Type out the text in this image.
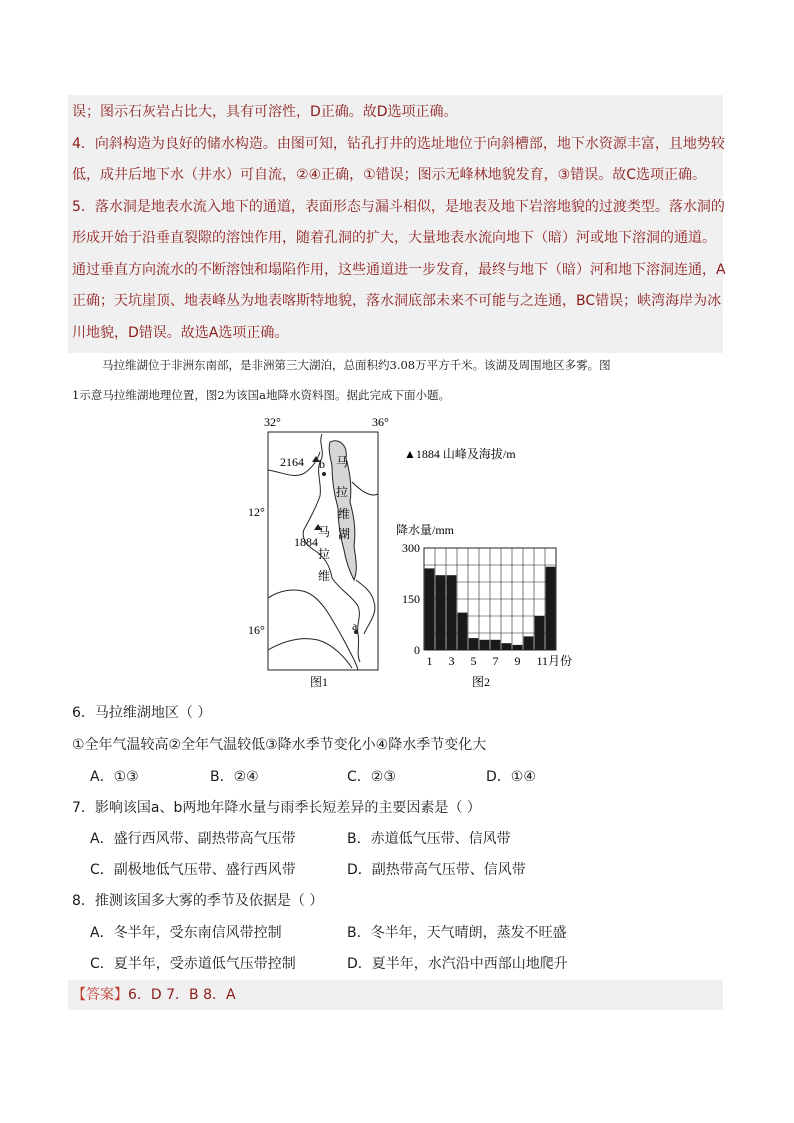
误；图示石灰岩占比大，具有可溶性，D正确。故D选项正确。

4．向斜构造为良好的储水构造。由图可知，钻孔打井的选址地位于向斜槽部，地下水资源丰富，且地势较

低，成井后地下水（井水）可自流，②④正确，①错误；图示无峰林地貌发育，③错误。故C选项正确。

5．落水洞是地表水流入地下的通道，表面形态与漏斗相似，是地表及地下岩溶地貌的过渡类型。落水洞的

形成开始于沿垂直裂隙的溶蚀作用，随着孔洞的扩大，大量地表水流向地下（暗）河或地下溶洞的通道。

通过垂直方向流水的不断溶蚀和塌陷作用，这些通道进一步发育，最终与地下（暗）河和地下溶洞连通，A

正确；天坑崖顶、地表峰丛为地表喀斯特地貌，落水洞底部未来不可能与之连通，BC错误；峡湾海岸为冰

川地貌，D错误。故选A选项正确。

马拉维湖位于非洲东南部，是非洲第三大湖泊，总面积约3.08万平方千米。该湖及周围地区多雾。图
1示意马拉维湖地理位置，图2为该国a地降水资料图。据此完成下面小题。
32°	36°
12°
16°
2164
1884
b
a
马
拉
维
湖
马
拉
维
图1
▲1884 山峰及海拔/m
降水量/mm
图2
300
150
0
1 3 5 7 9 11月份
6．马拉维湖地区（ ）
①全年气温较高②全年气温较低③降水季节变化小④降水季节变化大
A．①③	B．②④	C．②③	D．①④
7．影响该国a、b两地年降水量与雨季长短差异的主要因素是（ ）
A．盛行西风带、副热带高气压带	B．赤道低气压带、信风带
C．副极地低气压带、盛行西风带	D．副热带高气压带、信风带
8．推测该国多大雾的季节及依据是（ ）
A．冬半年，受东南信风带控制	B．冬半年，天气晴朗，蒸发不旺盛
C．夏半年，受赤道低气压带控制	D．夏半年，水汽沿中西部山地爬升
【答案】6．D 7．B 8．A
